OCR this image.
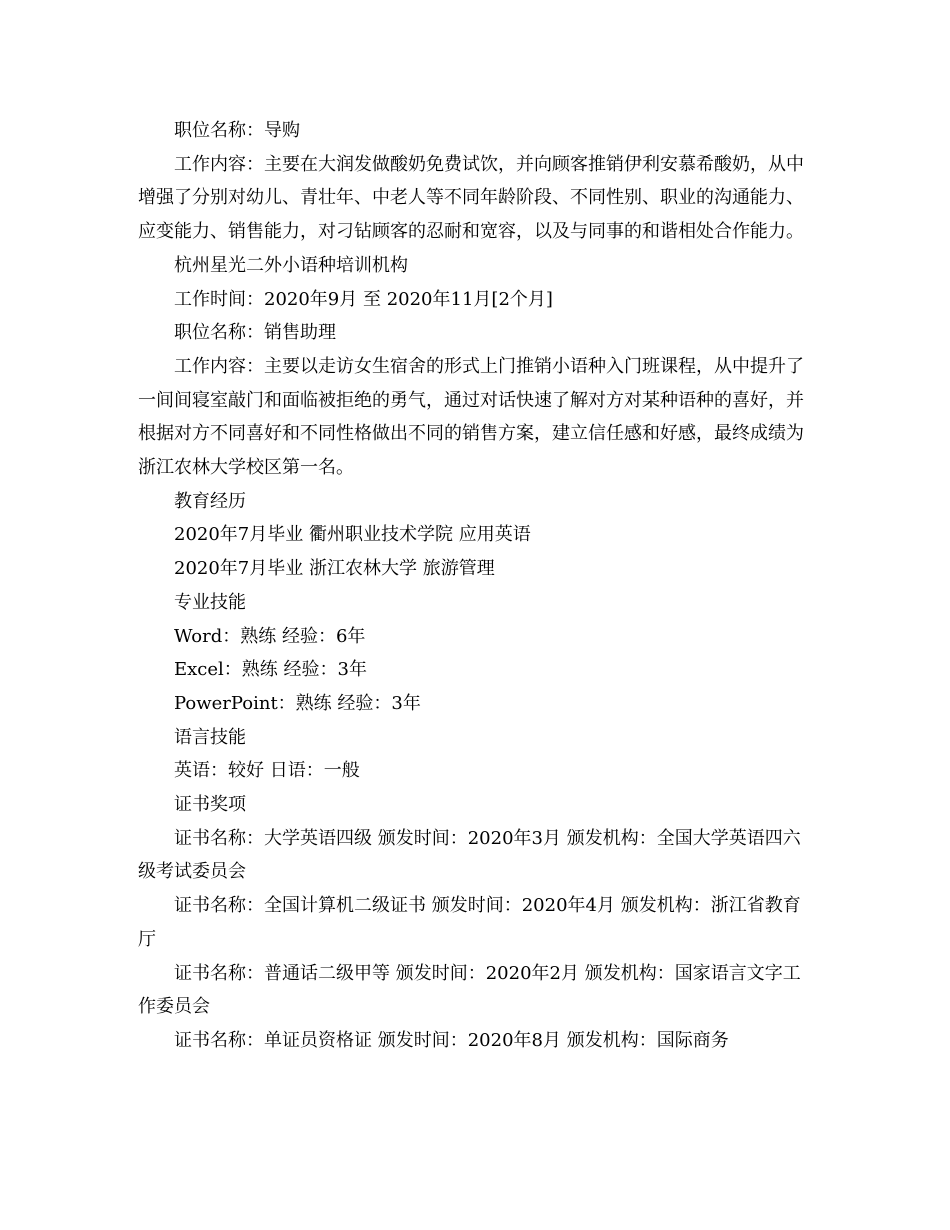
职位名称：导购

工作内容：主要在大润发做酸奶免费试饮，并向顾客推销伊利安慕希酸奶，从中增强了分别对幼儿、青壮年、中老人等不同年龄阶段、不同性别、职业的沟通能力、应变能力、销售能力，对刁钻顾客的忍耐和宽容，以及与同事的和谐相处合作能力。

杭州星光二外小语种培训机构

工作时间：2020年9月 至 2020年11月[2个月]

职位名称：销售助理

工作内容：主要以走访女生宿舍的形式上门推销小语种入门班课程，从中提升了一间间寝室敲门和面临被拒绝的勇气，通过对话快速了解对方对某种语种的喜好，并根据对方不同喜好和不同性格做出不同的销售方案，建立信任感和好感，最终成绩为浙江农林大学校区第一名。

教育经历

2020年7月毕业 衢州职业技术学院 应用英语

2020年7月毕业 浙江农林大学 旅游管理

专业技能

Word：熟练 经验：6年

Excel：熟练 经验：3年

PowerPoint：熟练 经验：3年

语言技能

英语：较好 日语：一般

证书奖项

证书名称：大学英语四级 颁发时间：2020年3月 颁发机构：全国大学英语四六级考试委员会

证书名称：全国计算机二级证书 颁发时间：2020年4月 颁发机构：浙江省教育厅

证书名称：普通话二级甲等 颁发时间：2020年2月 颁发机构：国家语言文字工作委员会

证书名称：单证员资格证 颁发时间：2020年8月 颁发机构：国际商务
